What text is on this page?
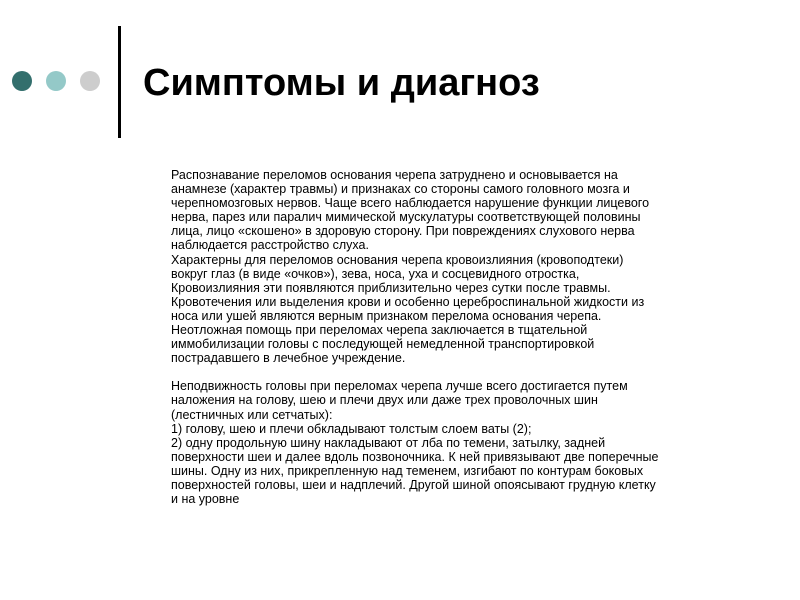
Симптомы и диагноз

Распознавание переломов основания черепа затруднено и основывается на
анамнезе (характер травмы) и признаках со стороны самого головного мозга и
черепномозговых нервов. Чаще всего наблюдается нарушение функции лицевого
нерва, парез или паралич мимической мускулатуры соответствующей половины
лица, лицо «скошено» в здоровую сторону. При повреждениях слухового нерва
наблюдается расстройство слуха.
Характерны для переломов основания черепа кровоизлияния (кровоподтеки)
вокруг глаз (в виде «очков»), зева, носа, уха и сосцевидного отростка,
Кровоизлияния эти появляются приблизительно через сутки после травмы.
Кровотечения или выделения крови и особенно цереброспинальной жидкости из
носа или ушей являются верным признаком перелома основания черепа.
Неотложная помощь при переломах черепа заключается в тщательной
иммобилизации головы с последующей немедленной транспортировкой
пострадавшего в лечебное учреждение.

Неподвижность головы при переломах черепа лучше всего достигается путем
наложения на голову, шею и плечи двух или даже трех проволочных шин
(лестничных или сетчатых):
1) голову, шею и плечи обкладывают толстым слоем ваты (2);
2) одну продольную шину накладывают от лба по темени, затылку, задней
поверхности шеи и далее вдоль позвоночника. К ней привязывают две поперечные
шины. Одну из них, прикрепленную над теменем, изгибают по контурам боковых
поверхностей головы, шеи и надплечий. Другой шиной опоясывают грудную клетку
и на уровне
